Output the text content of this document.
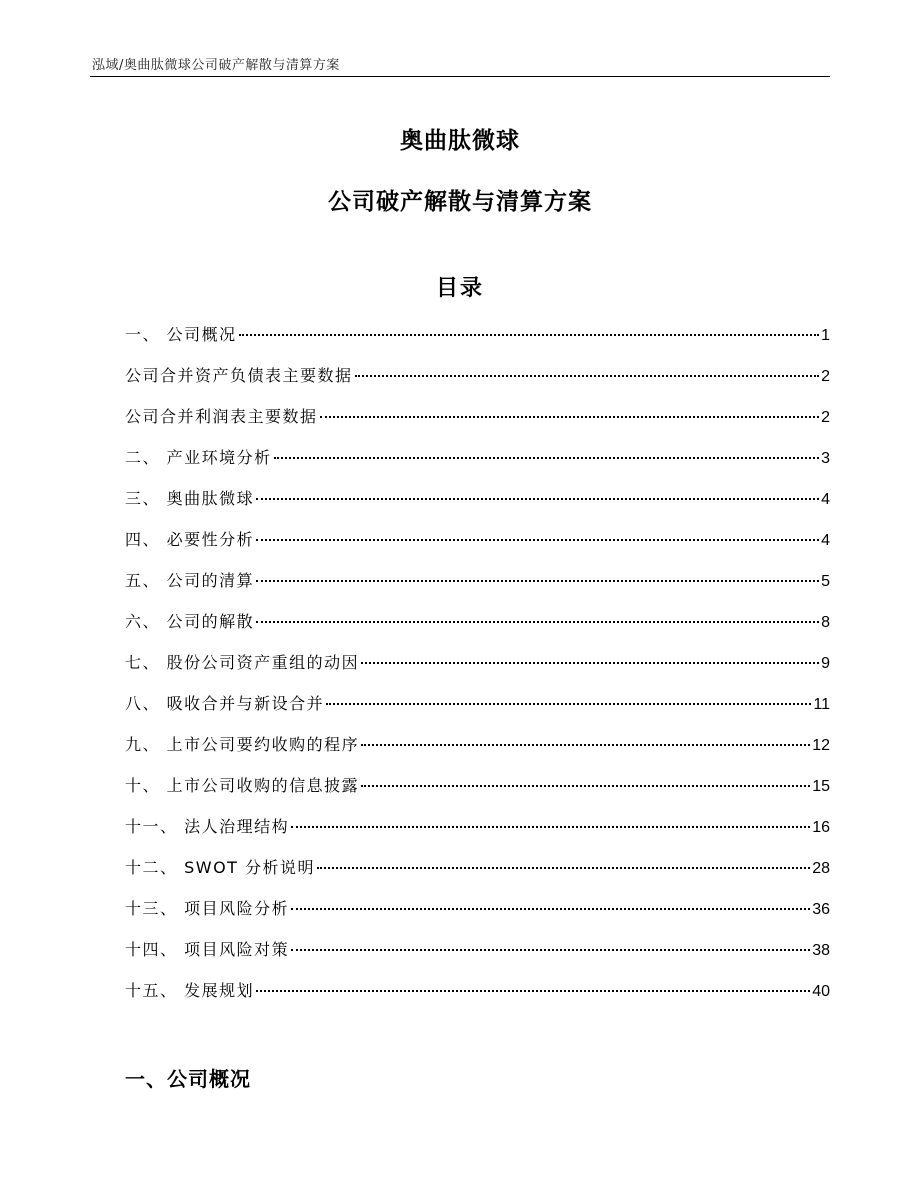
泓域/奥曲肽微球公司破产解散与清算方案
奥曲肽微球
公司破产解散与清算方案
目录
一、 公司概况	1
公司合并资产负债表主要数据	2
公司合并利润表主要数据	2
二、 产业环境分析	3
三、 奥曲肽微球	4
四、 必要性分析	4
五、 公司的清算	5
六、 公司的解散	8
七、 股份公司资产重组的动因	9
八、 吸收合并与新设合并	11
九、 上市公司要约收购的程序	12
十、 上市公司收购的信息披露	15
十一、 法人治理结构	16
十二、 SWOT 分析说明	28
十三、 项目风险分析	36
十四、 项目风险对策	38
十五、 发展规划	40
一、公司概况
